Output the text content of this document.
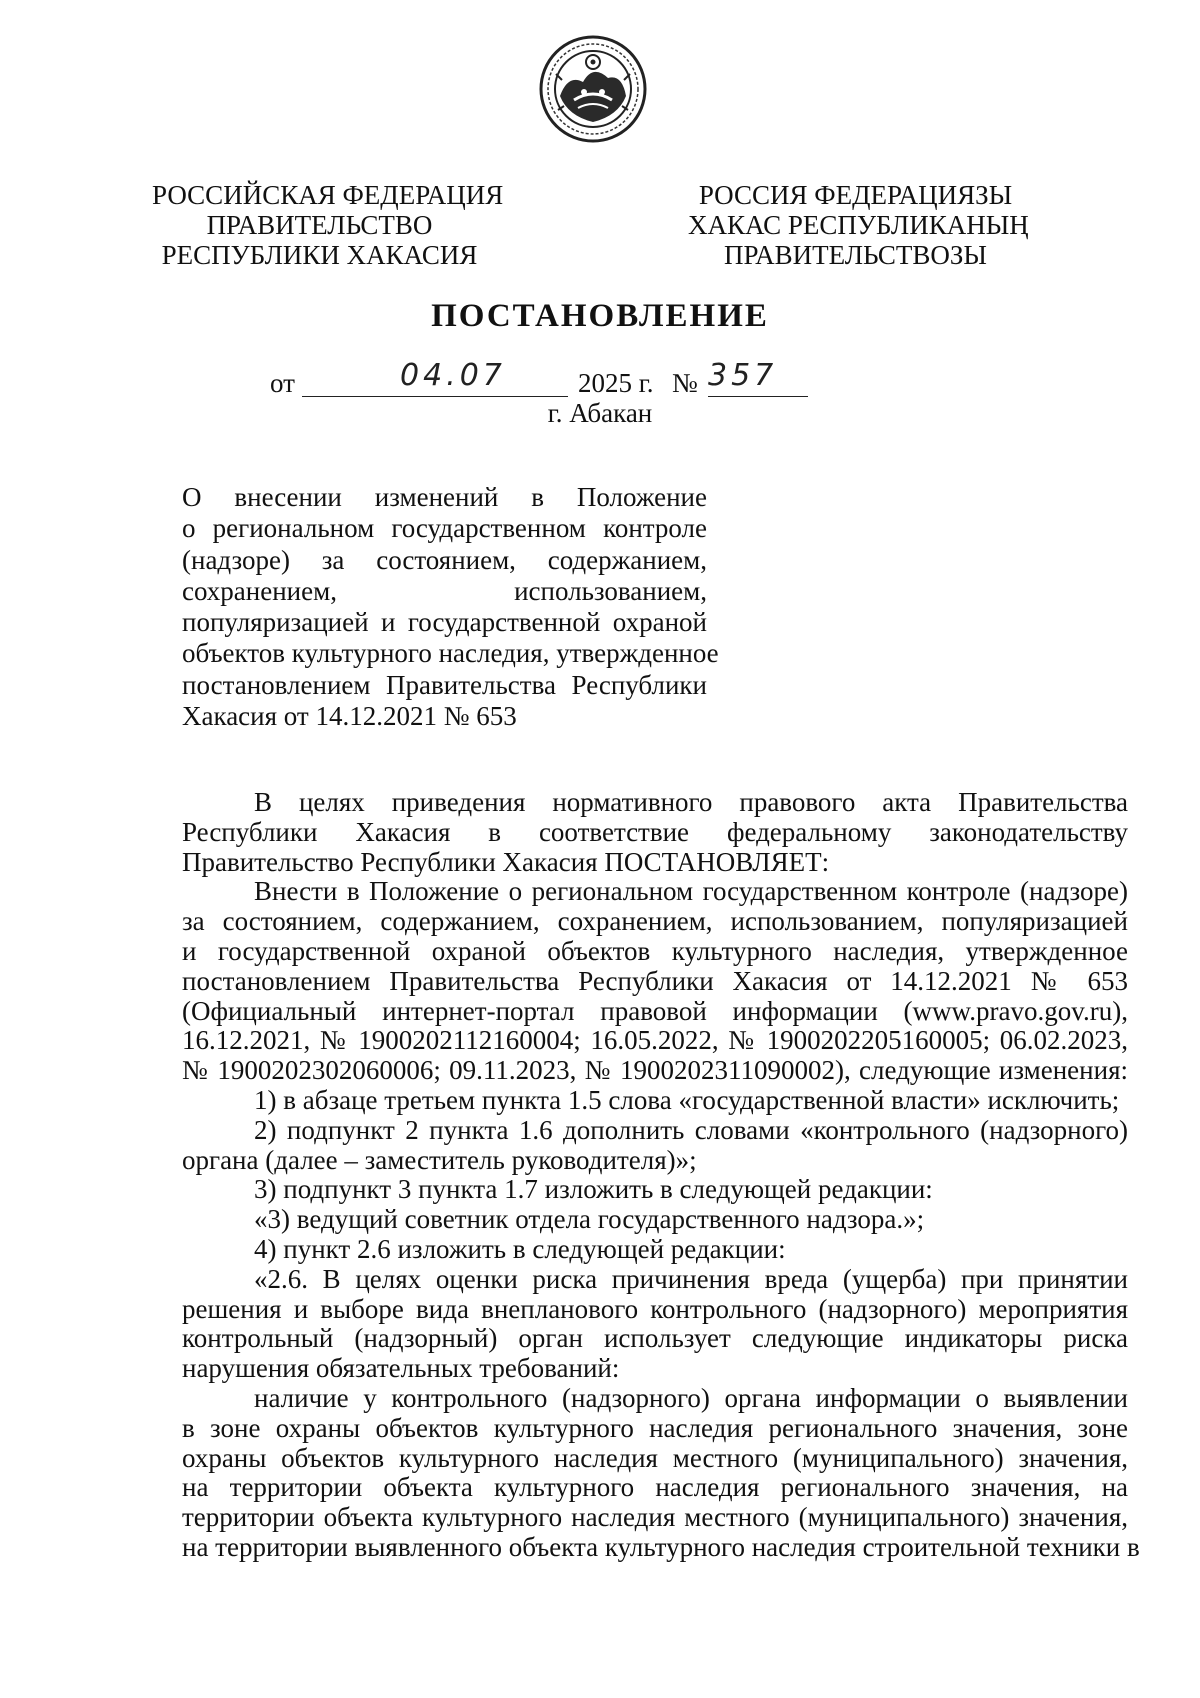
РОССИЙСКАЯ ФЕДЕРАЦИЯ
ПРАВИТЕЛЬСТВО
РЕСПУБЛИКИ ХАКАСИЯ
РОССИЯ ФЕДЕРАЦИЯЗЫ
ХАКАС РЕСПУБЛИКАНЫҢ
ПРАВИТЕЛЬСТВОЗЫ
ПОСТАНОВЛЕНИЕ
от	04.07	2025 г. № 357
г. Абакан
О внесении изменений в Положение
о региональном государственном контроле
(надзоре) за состоянием, содержанием,
сохранением, использованием,
популяризацией и государственной охраной
объектов культурного наследия, утвержденное
постановлением Правительства Республики
Хакасия от 14.12.2021 № 653
В целях приведения нормативного правового акта Правительства
Республики Хакасия в соответствие федеральному законодательству
Правительство Республики Хакасия ПОСТАНОВЛЯЕТ:
Внести в Положение о региональном государственном контроле (надзоре)
за состоянием, содержанием, сохранением, использованием, популяризацией
и государственной охраной объектов культурного наследия, утвержденное
постановлением Правительства Республики Хакасия от 14.12.2021 № 653
(Официальный интернет-портал правовой информации (www.pravo.gov.ru),
16.12.2021, № 1900202112160004; 16.05.2022, № 1900202205160005; 06.02.2023,
№ 1900202302060006; 09.11.2023, № 1900202311090002), следующие изменения:
1) в абзаце третьем пункта 1.5 слова «государственной власти» исключить;
2) подпункт 2 пункта 1.6 дополнить словами «контрольного (надзорного)
органа (далее – заместитель руководителя)»;
3) подпункт 3 пункта 1.7 изложить в следующей редакции:
«3) ведущий советник отдела государственного надзора.»;
4) пункт 2.6 изложить в следующей редакции:
«2.6. В целях оценки риска причинения вреда (ущерба) при принятии
решения и выборе вида внепланового контрольного (надзорного) мероприятия
контрольный (надзорный) орган использует следующие индикаторы риска
нарушения обязательных требований:
наличие у контрольного (надзорного) органа информации о выявлении
в зоне охраны объектов культурного наследия регионального значения, зоне
охраны объектов культурного наследия местного (муниципального) значения,
на территории объекта культурного наследия регионального значения, на
территории объекта культурного наследия местного (муниципального) значения,
на территории выявленного объекта культурного наследия строительной техники в
